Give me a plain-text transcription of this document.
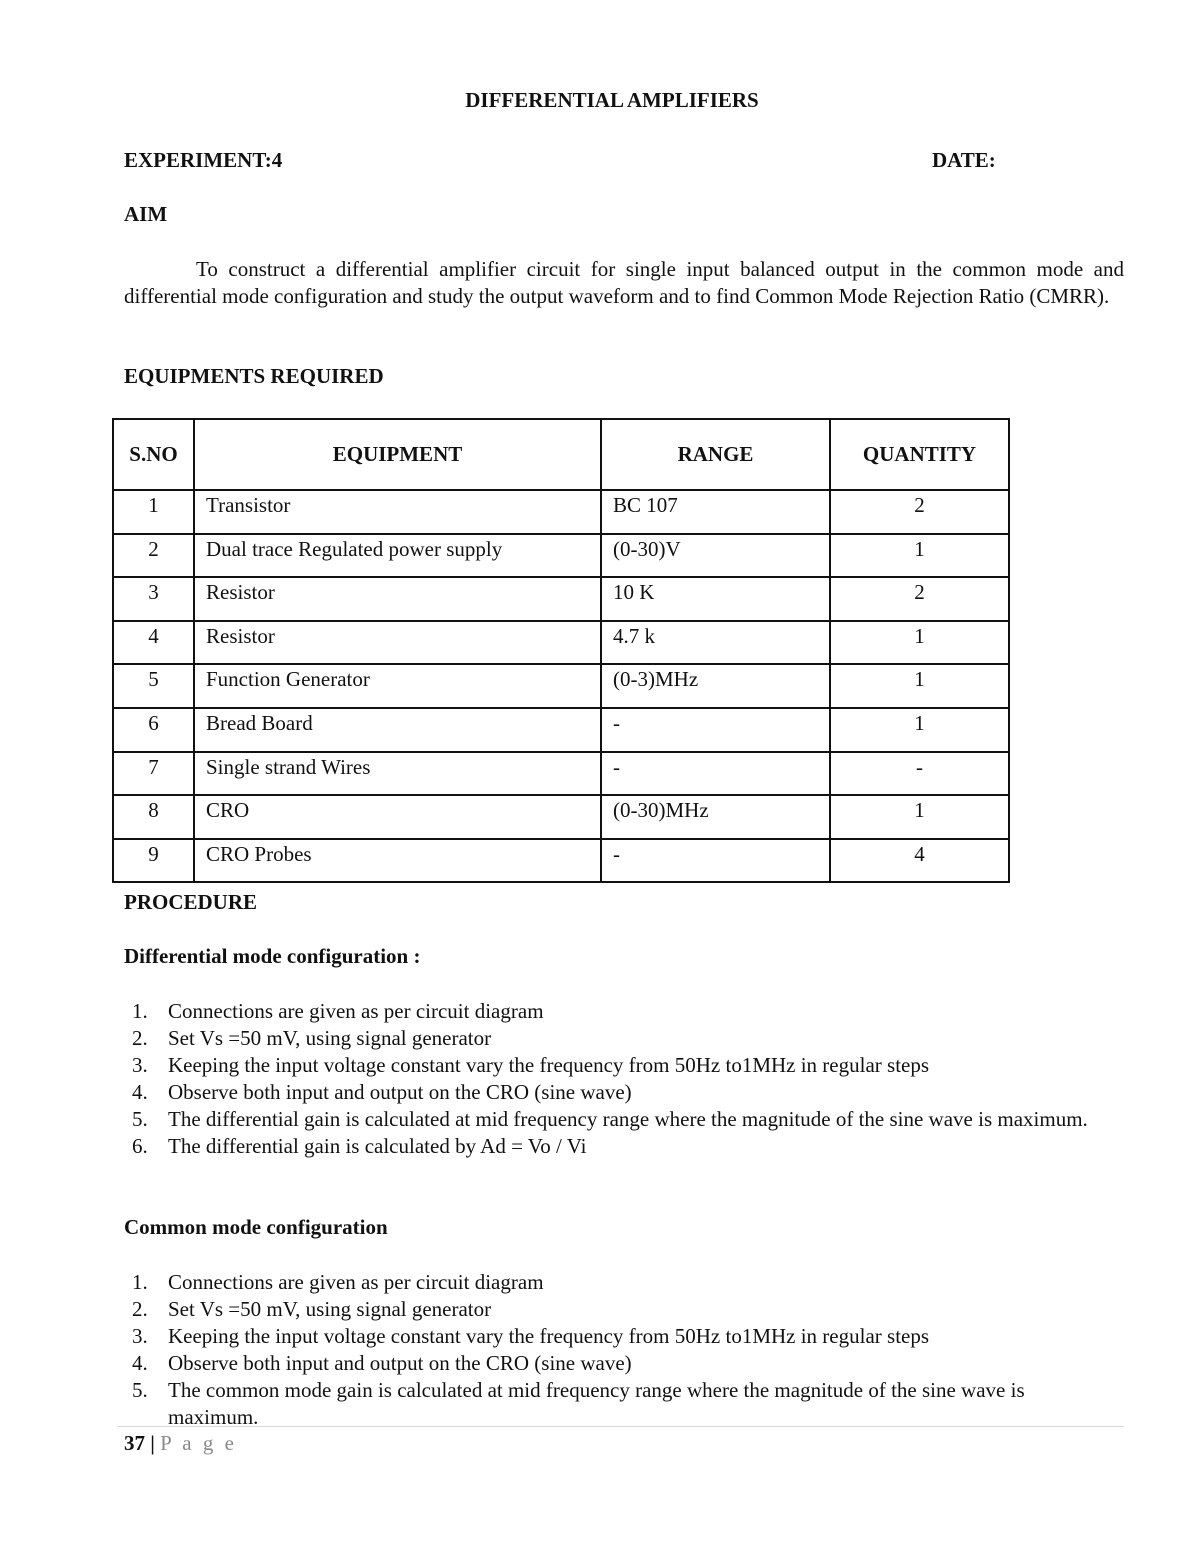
DIFFERENTIAL AMPLIFIERS
EXPERIMENT:4	DATE:
AIM
To construct a differential amplifier circuit for single input balanced output in the common mode and differential mode configuration and study the output waveform and to find Common Mode Rejection Ratio (CMRR).
EQUIPMENTS REQUIRED
S.NO	EQUIPMENT	RANGE	QUANTITY
1	Transistor	BC 107	2
2	Dual trace Regulated power supply	(0-30)V	1
3	Resistor	10 K	2
4	Resistor	4.7 k	1
5	Function Generator	(0-3)MHz	1
6	Bread Board	-	1
7	Single strand Wires	-	-
8	CRO	(0-30)MHz	1
9	CRO Probes	-	4
PROCEDURE
Differential mode configuration :
1. Connections are given as per circuit diagram
2. Set Vs =50 mV, using signal generator
3. Keeping the input voltage constant vary the frequency from 50Hz to1MHz in regular steps
4. Observe both input and output on the CRO (sine wave)
5. The differential gain is calculated at mid frequency range where the magnitude of the sine wave is maximum.
6. The differential gain is calculated by Ad = Vo / Vi
Common mode configuration
1. Connections are given as per circuit diagram
2. Set Vs =50 mV, using signal generator
3. Keeping the input voltage constant vary the frequency from 50Hz to1MHz in regular steps
4. Observe both input and output on the CRO (sine wave)
5. The common mode gain is calculated at mid frequency range where the magnitude of the sine wave is maximum.
37 | P a g e
